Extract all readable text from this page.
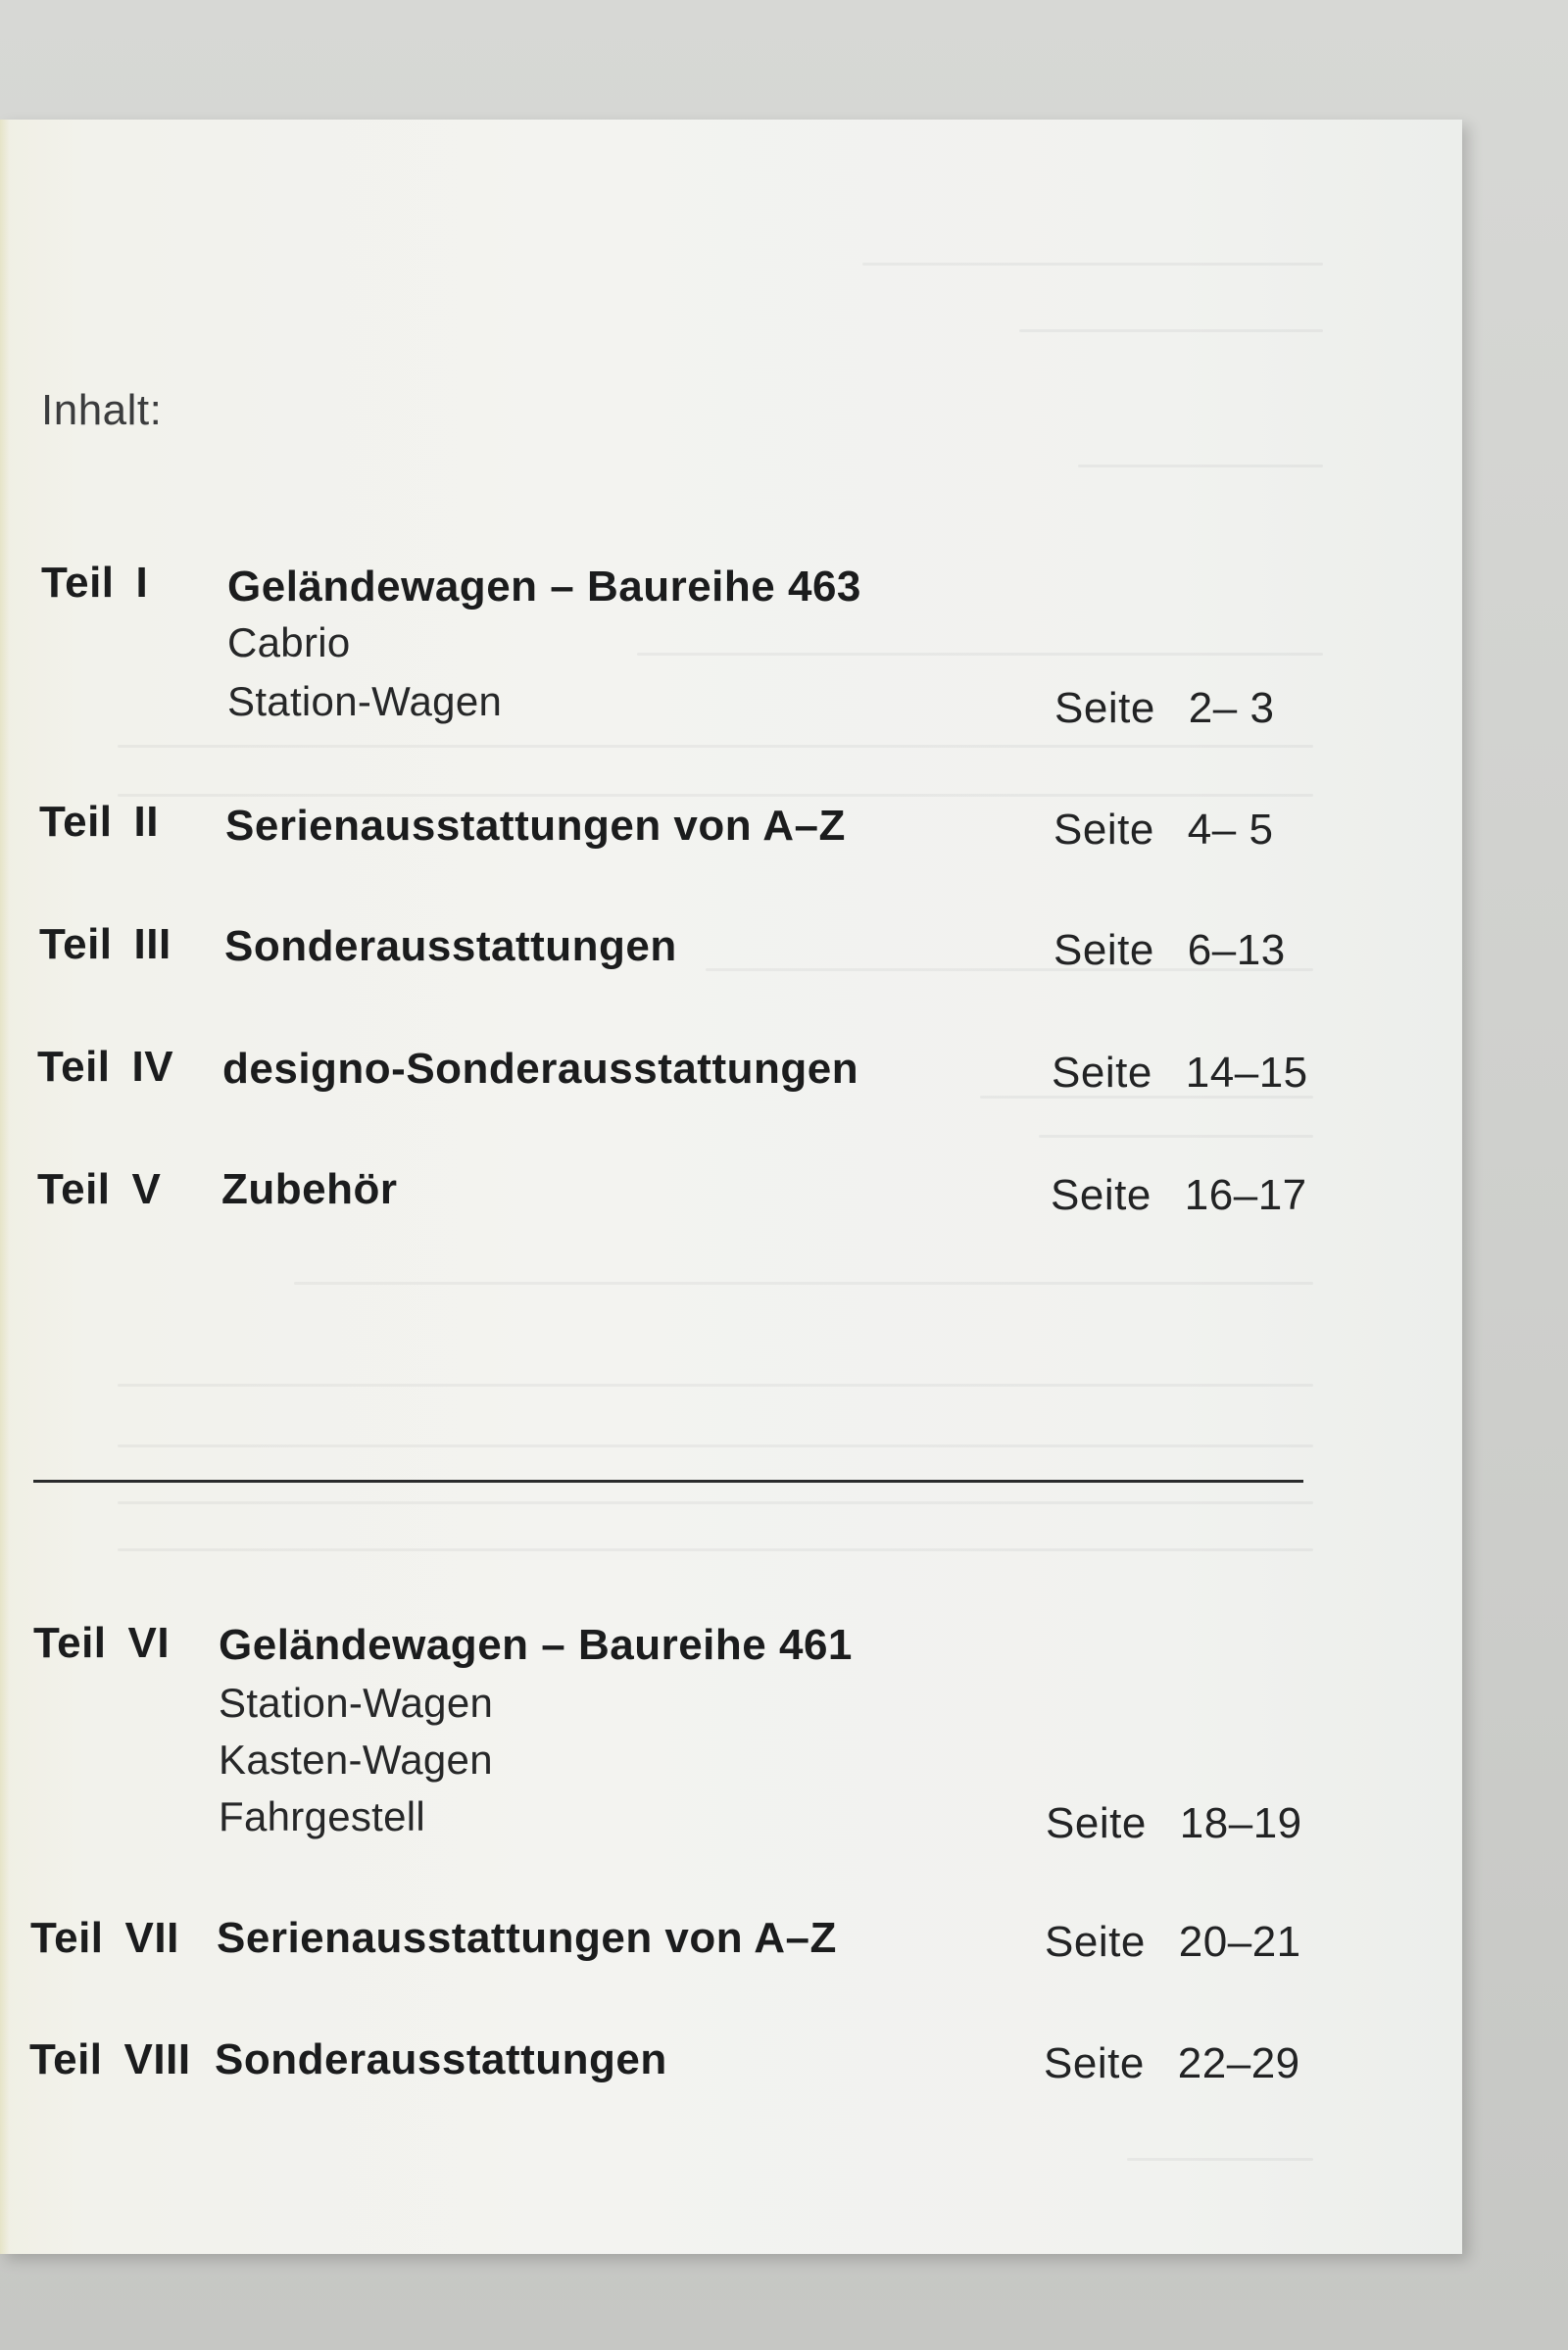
Inhalt:
Teil I Geländewagen – Baureihe 463
Cabrio
Station-Wagen	Seite 2– 3
Teil II Serienausstattungen von A–Z	Seite 4– 5
Teil III Sonderausstattungen	Seite 6–13
Teil IV designo-Sonderausstattungen	Seite 14–15
Teil V Zubehör	Seite 16–17
Teil VI Geländewagen – Baureihe 461
Station-Wagen
Kasten-Wagen
Fahrgestell	Seite 18–19
Teil VII Serienausstattungen von A–Z	Seite 20–21
Teil VIII Sonderausstattungen	Seite 22–29
